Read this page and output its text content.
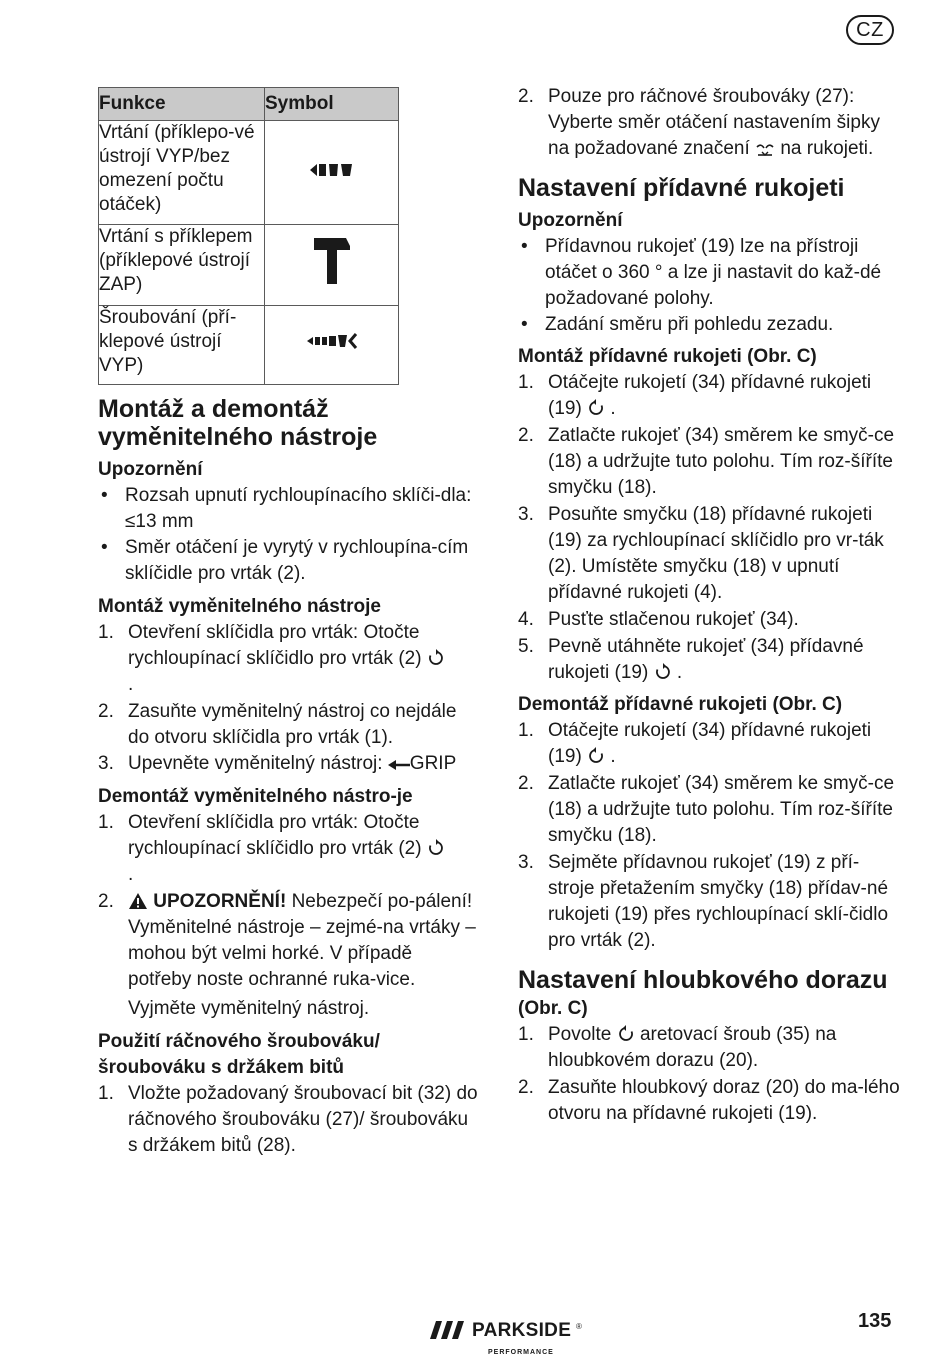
CZ
Funkce	Symbol
Vrtání (příklepo-vé ústrojí VYP/bez omezení počtu otáček)	
Vrtání s příklepem (příklepové ústrojí ZAP)	
Šroubování (pří-klepové ústrojí VYP)	
Montáž a demontáž vyměnitelného nástroje
Upozornění
• Rozsah upnutí rychloupínacího sklíči-dla: ≤13 mm
• Směr otáčení je vyrytý v rychloupína-cím sklíčidle pro vrták (2).
Montáž vyměnitelného nástroje
1. Otevření sklíčidla pro vrták: Otočte rychloupínací sklíčidlo pro vrták (2)
.
2. Zasuňte vyměnitelný nástroj co nejdále do otvoru sklíčidla pro vrták (1).
3. Upevněte vyměnitelný nástroj: GRIP
Demontáž vyměnitelného nástro-je
1. Otevření sklíčidla pro vrták: Otočte rychloupínací sklíčidlo pro vrták (2)
.
2. UPOZORNĚNÍ! Nebezpečí po-pálení! Vyměnitelné nástroje – zejmé-na vrtáky – mohou být velmi horké. V případě potřeby noste ochranné ruka-vice.
Vyjměte vyměnitelný nástroj.
Použití ráčnového šroubováku/ šroubováku s držákem bitů
1. Vložte požadovaný šroubovací bit (32) do ráčnového šroubováku (27)/ šroubováku s držákem bitů (28).
2. Pouze pro ráčnové šroubováky (27): Vyberte směr otáčení nastavením šipky na požadované značení na rukojeti.
Nastavení přídavné rukojeti
Upozornění
• Přídavnou rukojeť (19) lze na přístroji otáčet o 360 ° a lze ji nastavit do kaž-dé požadované polohy.
• Zadání směru při pohledu zezadu.
Montáž přídavné rukojeti (Obr. C)
1. Otáčejte rukojetí (34) přídavné rukojeti (19) .
2. Zatlačte rukojeť (34) směrem ke smyč-ce (18) a udržujte tuto polohu. Tím roz-šíříte smyčku (18).
3. Posuňte smyčku (18) přídavné rukojeti (19) za rychloupínací sklíčidlo pro vr-ták (2). Umístěte smyčku (18) v upnutí přídavné rukojeti (4).
4. Pusťte stlačenou rukojeť (34).
5. Pevně utáhněte rukojeť (34) přídavné rukojeti (19) .
Demontáž přídavné rukojeti (Obr. C)
1. Otáčejte rukojetí (34) přídavné rukojeti (19) .
2. Zatlačte rukojeť (34) směrem ke smyč-ce (18) a udržujte tuto polohu. Tím roz-šíříte smyčku (18).
3. Sejměte přídavnou rukojeť (19) z pří-stroje přetažením smyčky (18) přídav-né rukojeti (19) přes rychloupínací sklí-čidlo pro vrták (2).
Nastavení hloubkového dorazu
(Obr. C)
1. Povolte aretovací šroub (35) na hloubkovém dorazu (20).
2. Zasuňte hloubkový doraz (20) do ma-lého otvoru na přídavné rukojeti (19).
PARKSIDE ®
PERFORMANCE
135
